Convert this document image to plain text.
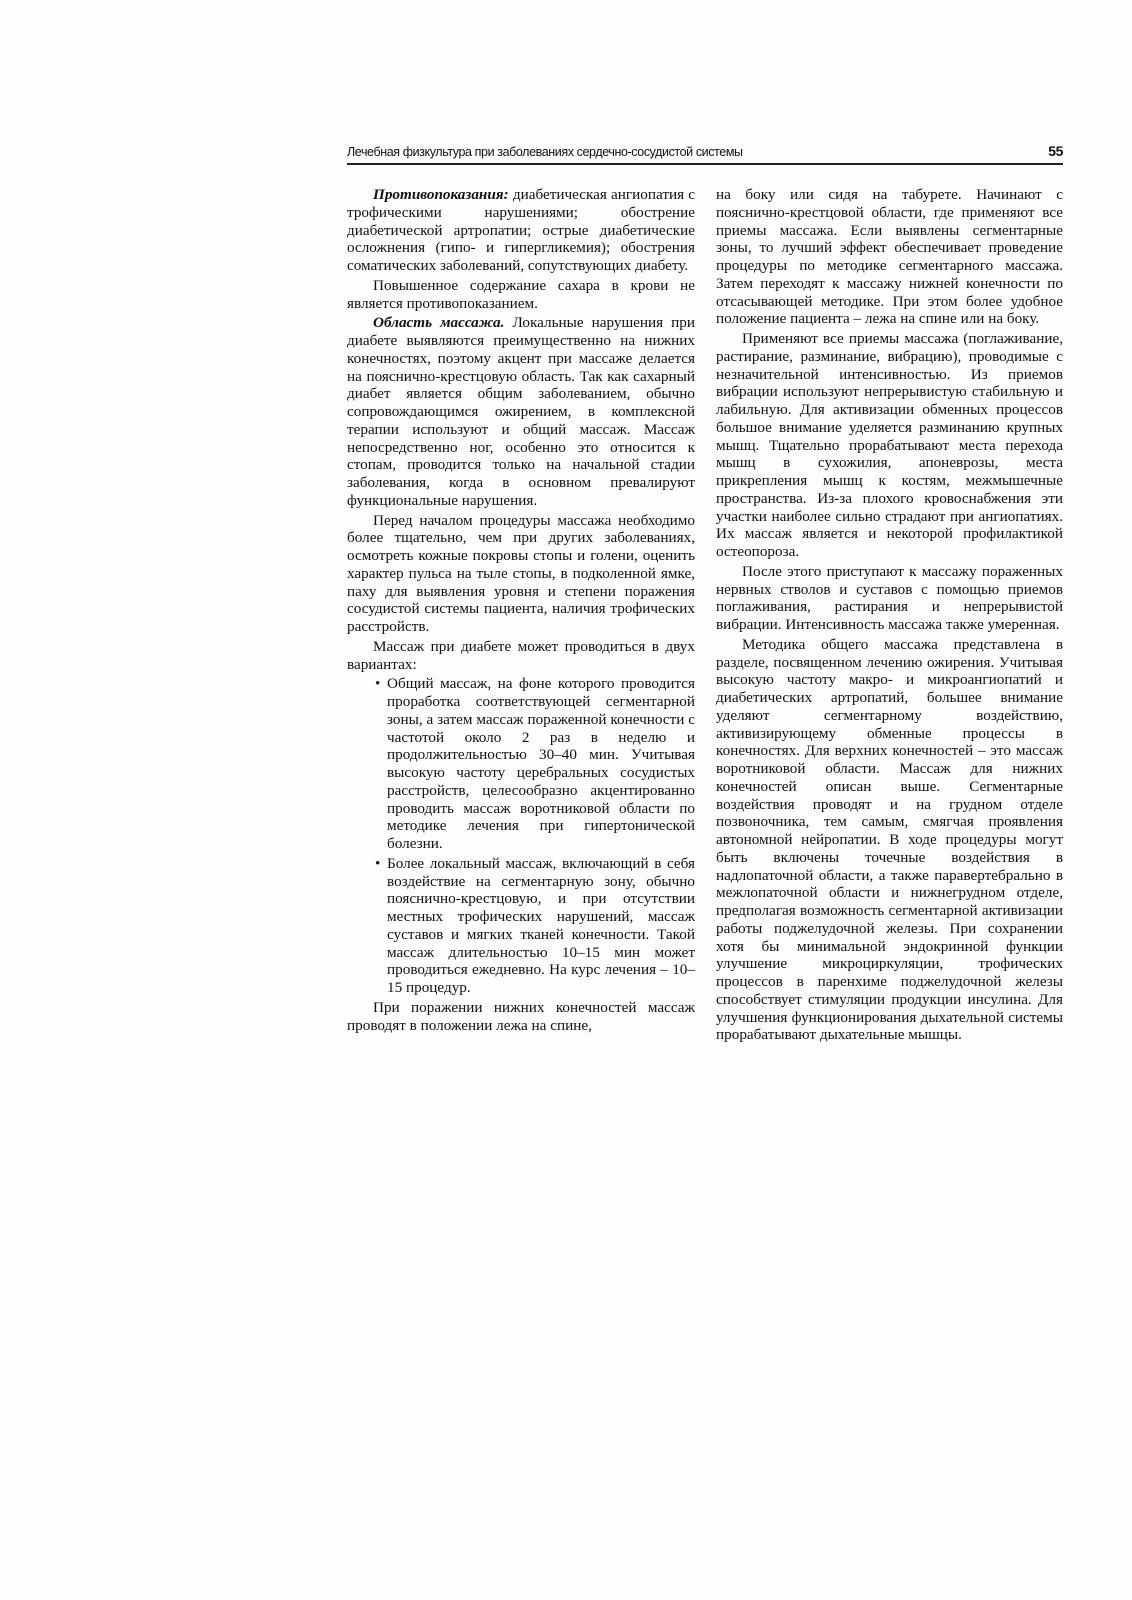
Лечебная физкультура при заболеваниях сердечно-сосудистой системы	55

Противопоказания: диабетическая ангиопатия с трофическими нарушениями; обострение диабетической артропатии; острые диабетические осложнения (гипо- и гипергликемия); обострения соматических заболеваний, сопутствующих диабету.

Повышенное содержание сахара в крови не является противопоказанием.

Область массажа. Локальные нарушения при диабете выявляются преимущественно на нижних конечностях, поэтому акцент при массаже делается на пояснично-крестцовую область. Так как сахарный диабет является общим заболеванием, обычно сопровождающимся ожирением, в комплексной терапии используют и общий массаж. Массаж непосредственно ног, особенно это относится к стопам, проводится только на начальной стадии заболевания, когда в основном превалируют функциональные нарушения.

Перед началом процедуры массажа необходимо более тщательно, чем при других заболеваниях, осмотреть кожные покровы стопы и голени, оценить характер пульса на тыле стопы, в подколенной ямке, паху для выявления уровня и степени поражения сосудистой системы пациента, наличия трофических расстройств.

Массаж при диабете может проводиться в двух вариантах:

• Общий массаж, на фоне которого проводится проработка соответствующей сегментарной зоны, а затем массаж пораженной конечности с частотой около 2 раз в неделю и продолжительностью 30–40 мин. Учитывая высокую частоту церебральных сосудистых расстройств, целесообразно акцентированно проводить массаж воротниковой области по методике лечения при гипертонической болезни.
• Более локальный массаж, включающий в себя воздействие на сегментарную зону, обычно пояснично-крестцовую, и при отсутствии местных трофических нарушений, массаж суставов и мягких тканей конечности. Такой массаж длительностью 10–15 мин может проводиться ежедневно. На курс лечения – 10–15 процедур.

При поражении нижних конечностей массаж проводят в положении лежа на спине,

на боку или сидя на табурете. Начинают с пояснично-крестцовой области, где применяют все приемы массажа. Если выявлены сегментарные зоны, то лучший эффект обеспечивает проведение процедуры по методике сегментарного массажа. Затем переходят к массажу нижней конечности по отсасывающей методике. При этом более удобное положение пациента – лежа на спине или на боку.

Применяют все приемы массажа (поглаживание, растирание, разминание, вибрацию), проводимые с незначительной интенсивностью. Из приемов вибрации используют непрерывистую стабильную и лабильную. Для активизации обменных процессов большое внимание уделяется разминанию крупных мышц. Тщательно прорабатывают места перехода мышц в сухожилия, апоневрозы, места прикрепления мышц к костям, межмышечные пространства. Из-за плохого кровоснабжения эти участки наиболее сильно страдают при ангиопатиях. Их массаж является и некоторой профилактикой остеопороза.

После этого приступают к массажу пораженных нервных стволов и суставов с помощью приемов поглаживания, растирания и непрерывистой вибрации. Интенсивность массажа также умеренная.

Методика общего массажа представлена в разделе, посвященном лечению ожирения. Учитывая высокую частоту макро- и микроангиопатий и диабетических артропатий, большее внимание уделяют сегментарному воздействию, активизирующему обменные процессы в конечностях. Для верхних конечностей – это массаж воротниковой области. Массаж для нижних конечностей описан выше. Сегментарные воздействия проводят и на грудном отделе позвоночника, тем самым, смягчая проявления автономной нейропатии. В ходе процедуры могут быть включены точечные воздействия в надлопаточной области, а также паравертебрально в межлопаточной области и нижнегрудном отделе, предполагая возможность сегментарной активизации работы поджелудочной железы. При сохранении хотя бы минимальной эндокринной функции улучшение микроциркуляции, трофических процессов в паренхиме поджелудочной железы способствует стимуляции продукции инсулина. Для улучшения функционирования дыхательной системы прорабатывают дыхательные мышцы.
